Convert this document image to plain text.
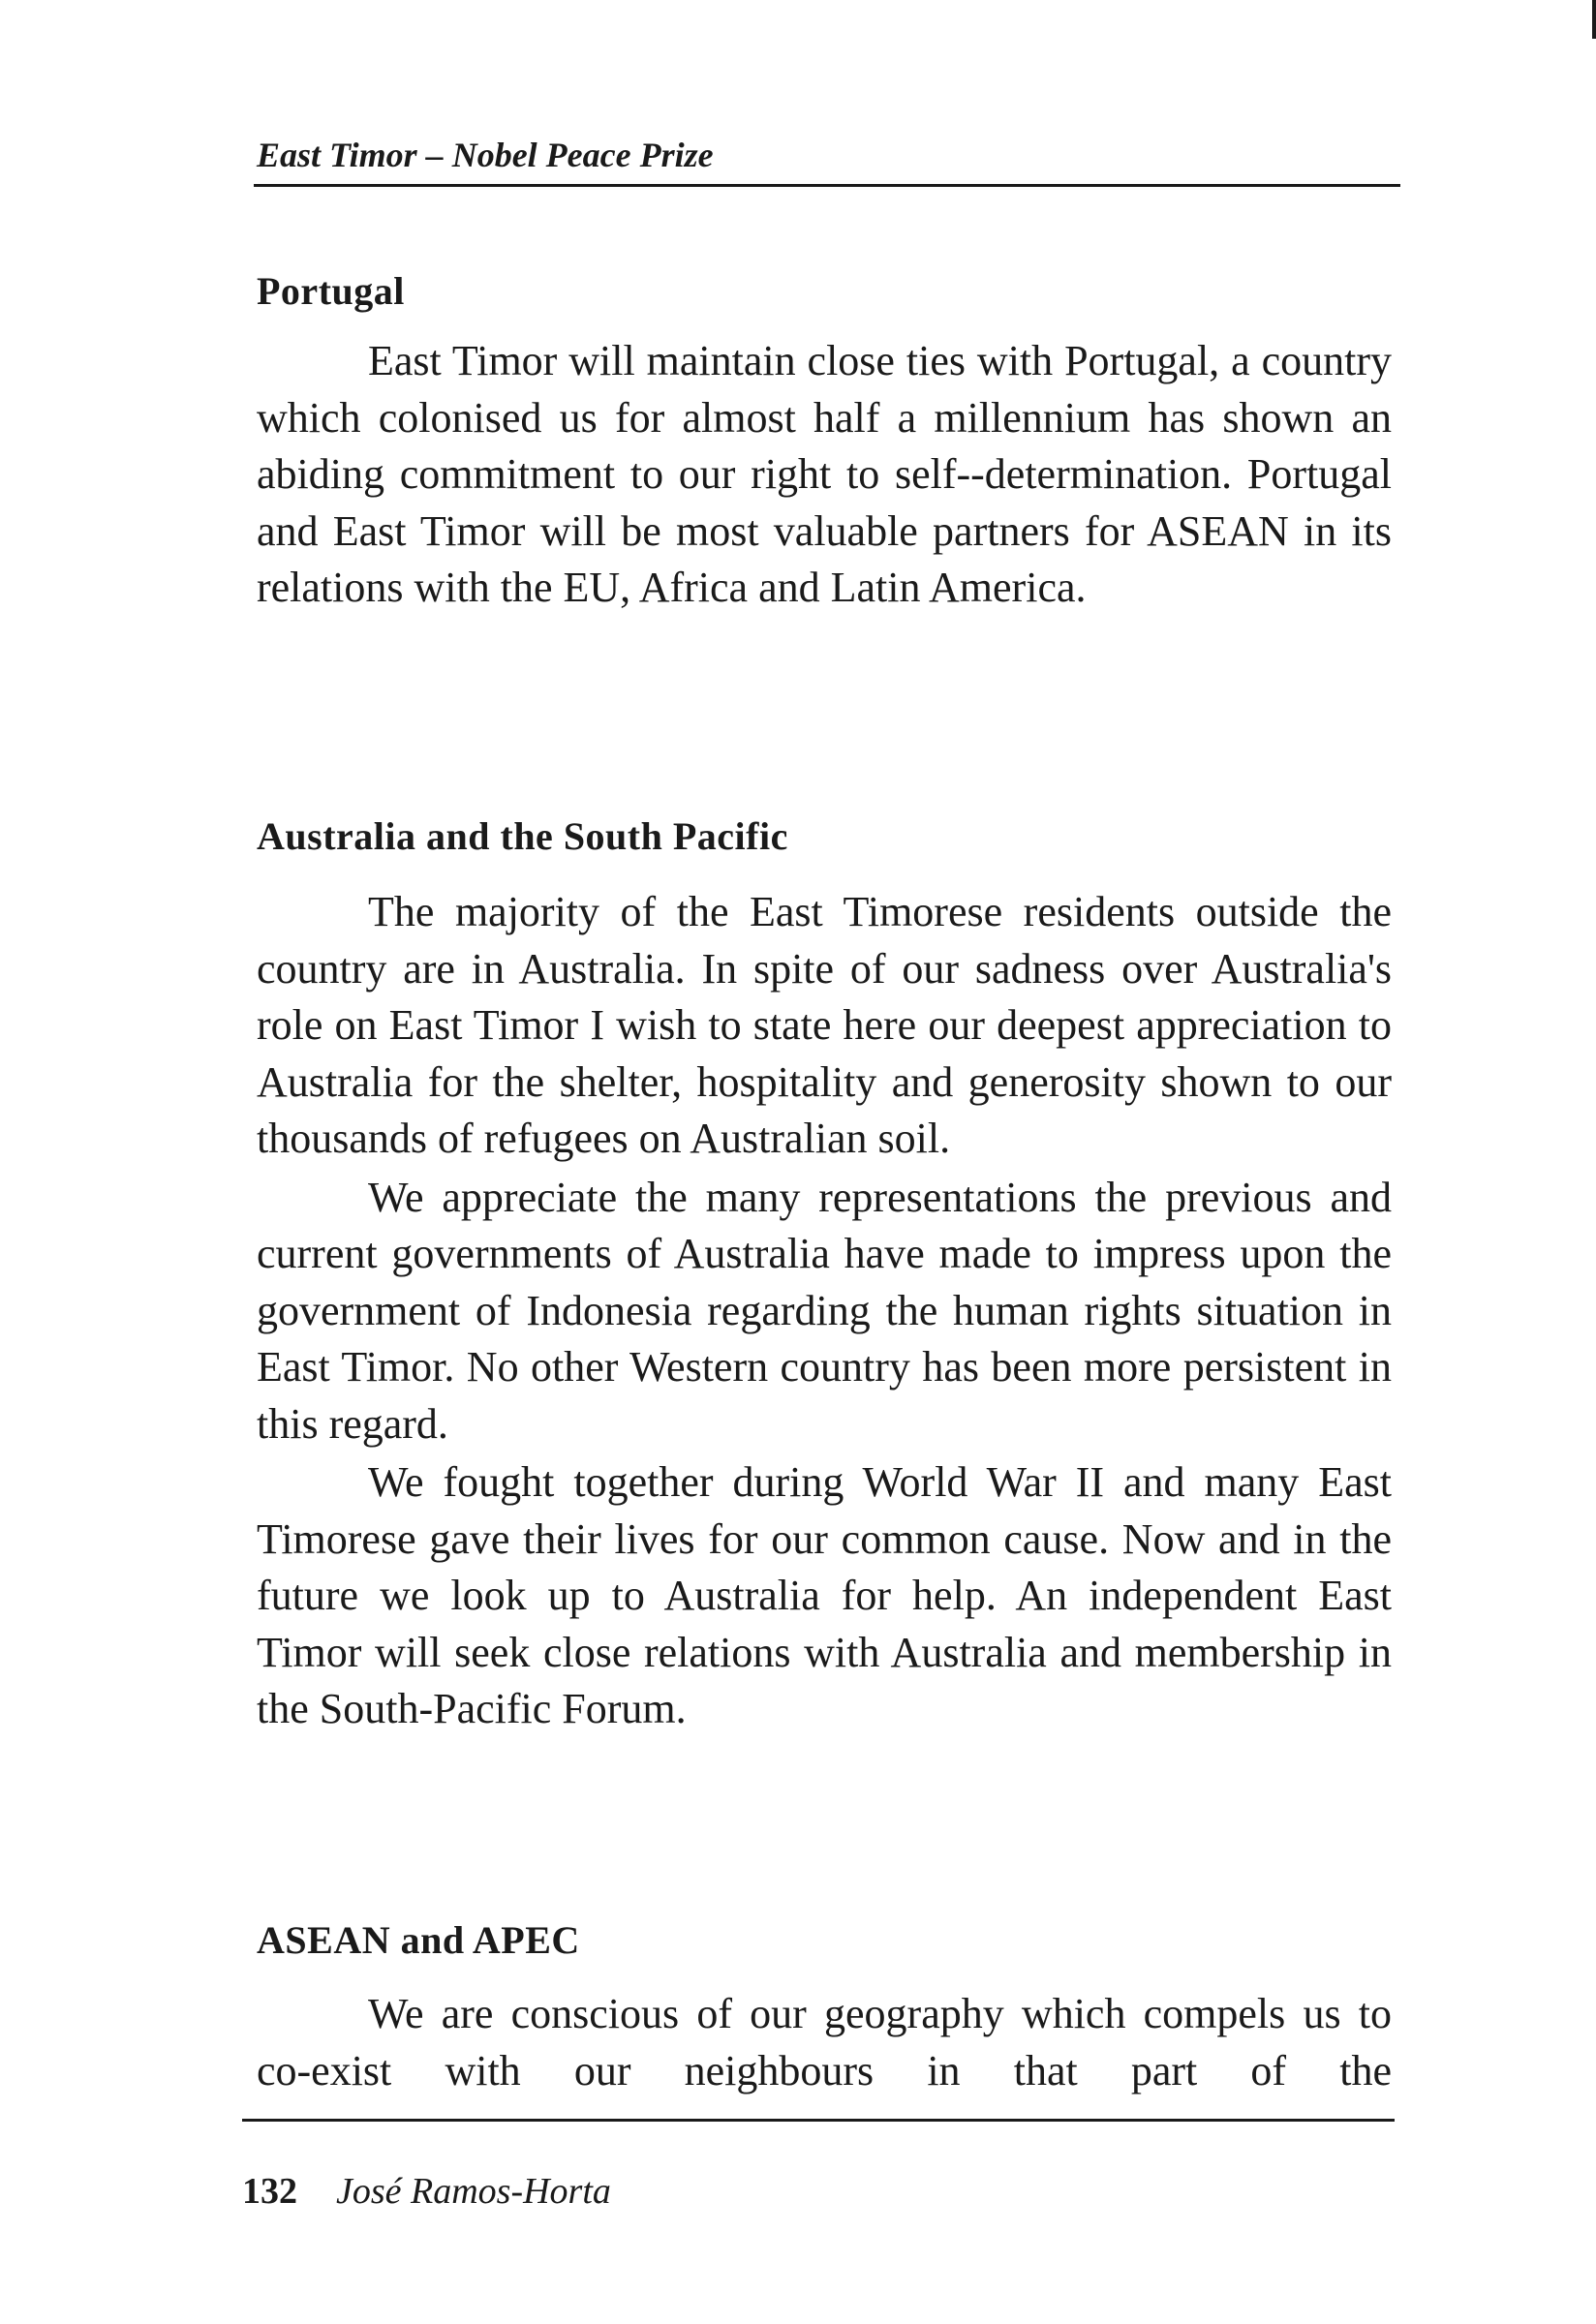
East Timor – Nobel Peace Prize
Portugal

East Timor will maintain close ties with Portugal, a country which colonised us for almost half a millennium has shown an abiding commitment to our right to self--determination. Portugal and East Timor will be most valuable partners for ASEAN in its relations with the EU, Africa and Latin America.

Australia and the South Pacific

The majority of the East Timorese residents outside the country are in Australia. In spite of our sadness over Australia's role on East Timor I wish to state here our deepest appreciation to Australia for the shelter, hospitality and generosity shown to our thousands of refugees on Australian soil.

We appreciate the many representations the previous and current governments of Australia have made to impress upon the government of Indonesia regarding the human rights situation in East Timor. No other Western country has been more persistent in this regard.

We fought together during World War II and many East Timorese gave their lives for our common cause. Now and in the future we look up to Australia for help. An independent East Timor will seek close relations with Australia and membership in the South-Pacific Forum.

ASEAN and APEC

We are conscious of our geography which compels us to co-exist with our neighbours in that part of the

132 José Ramos-Horta
